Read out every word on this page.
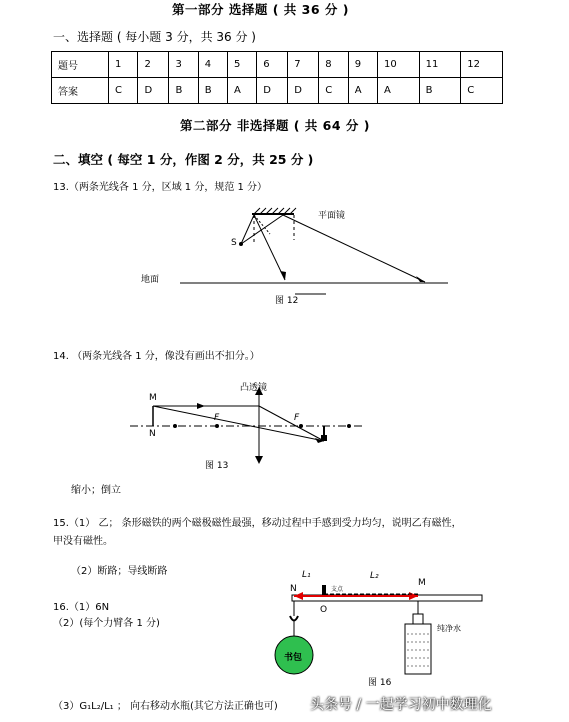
第一部分 选择题 ( 共 36 分 )
一、选择题 ( 每小题 3 分，共 36 分 )
题号	1	2	3	4	5	6	7	8	9	10	11	12
答案	C	D	B	B	A	D	D	C	A	A	B	C
第二部分 非选择题 ( 共 64 分 )
二、填空 ( 每空 1 分，作图 2 分，共 25 分 )
13.（两条光线各 1 分，区域 1 分，规范 1 分）
平面镜
S
地面
图 12
14. （两条光线各 1 分，像没有画出不扣分。）
凸透镜
M
N
F	F
图 13
缩小；倒立
15.（1） 乙； 条形磁铁的两个磁极磁性最强，移动过程中手感到受力均匀，说明乙有磁性，
甲没有磁性。
（2）断路；导线断路
16.（1）6N
（2）(每个力臂各 1 分)
L₁	L₂
N
M
O
支点
书包
纯净水
图 16
（3）G₁L₂/L₁ ； 向右移动水瓶(其它方法正确也可) 头条号 / 一起学习初中数理化
